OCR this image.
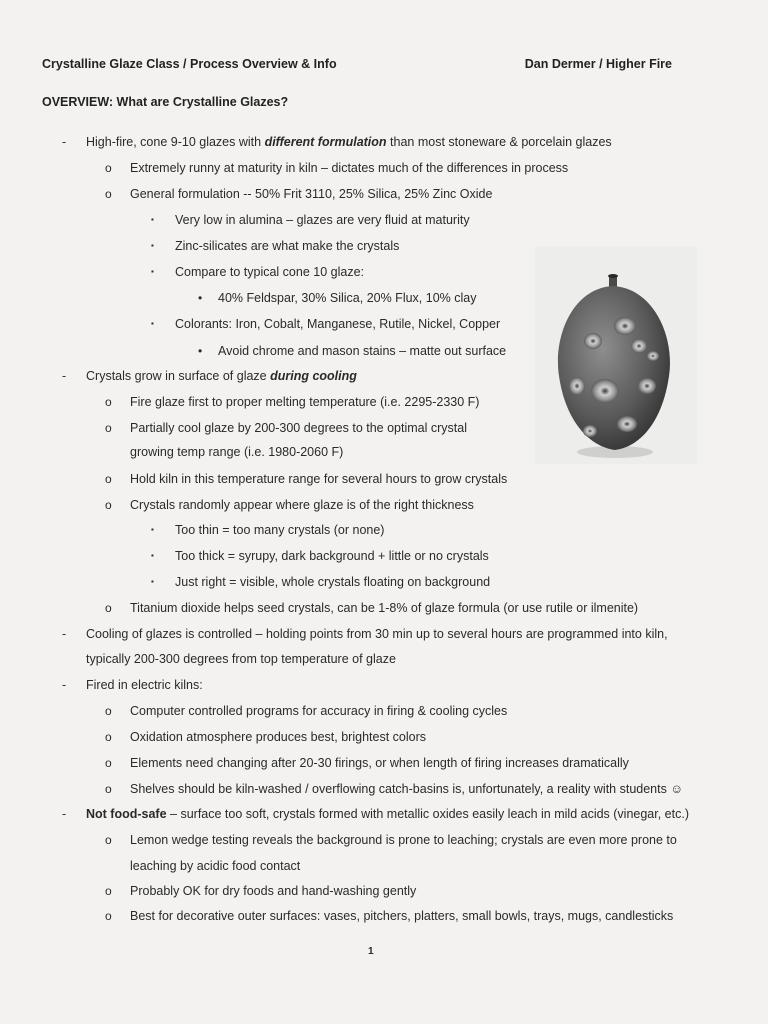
Crystalline Glaze Class / Process Overview & Info	Dan Dermer / Higher Fire
OVERVIEW: What are Crystalline Glazes?
- High-fire, cone 9-10 glazes with different formulation than most stoneware & porcelain glazes
o Extremely runny at maturity in kiln – dictates much of the differences in process
o General formulation -- 50% Frit 3110, 25% Silica, 25% Zinc Oxide
▪ Very low in alumina – glazes are very fluid at maturity
▪ Zinc-silicates are what make the crystals
▪ Compare to typical cone 10 glaze:
• 40% Feldspar, 30% Silica, 20% Flux, 10% clay
▪ Colorants: Iron, Cobalt, Manganese, Rutile, Nickel, Copper
• Avoid chrome and mason stains – matte out surface
- Crystals grow in surface of glaze during cooling
o Fire glaze first to proper melting temperature (i.e. 2295-2330 F)
o Partially cool glaze by 200-300 degrees to the optimal crystal
growing temp range (i.e. 1980-2060 F)
o Hold kiln in this temperature range for several hours to grow crystals
o Crystals randomly appear where glaze is of the right thickness
▪ Too thin = too many crystals (or none)
▪ Too thick = syrupy, dark background + little or no crystals
▪ Just right = visible, whole crystals floating on background
o Titanium dioxide helps seed crystals, can be 1-8% of glaze formula (or use rutile or ilmenite)
- Cooling of glazes is controlled – holding points from 30 min up to several hours are programmed into kiln,
typically 200-300 degrees from top temperature of glaze
- Fired in electric kilns:
o Computer controlled programs for accuracy in firing & cooling cycles
o Oxidation atmosphere produces best, brightest colors
o Elements need changing after 20-30 firings, or when length of firing increases dramatically
o Shelves should be kiln-washed / overflowing catch-basins is, unfortunately, a reality with students ☺
- Not food-safe – surface too soft, crystals formed with metallic oxides easily leach in mild acids (vinegar, etc.)
o Lemon wedge testing reveals the background is prone to leaching; crystals are even more prone to
leaching by acidic food contact
o Probably OK for dry foods and hand-washing gently
o Best for decorative outer surfaces: vases, pitchers, platters, small bowls, trays, mugs, candlesticks
1
